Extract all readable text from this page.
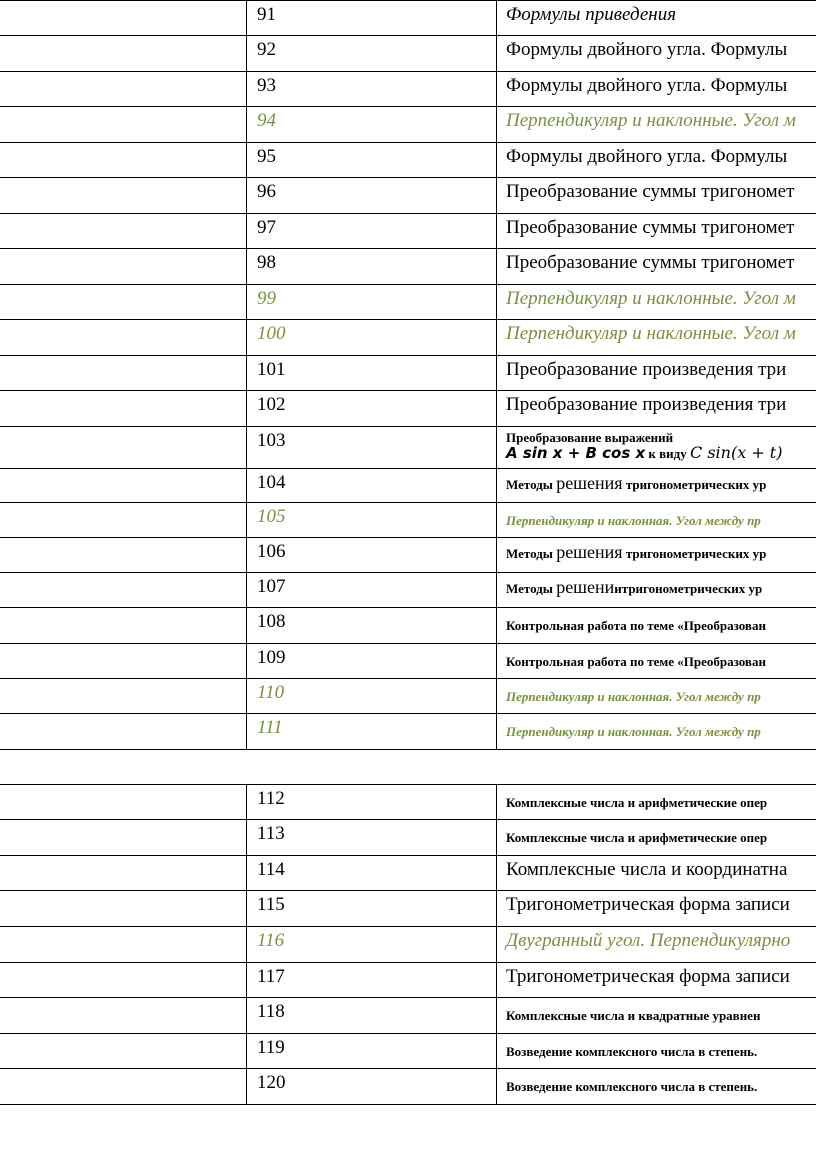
91	Формулы приведения
92	Формулы двойного угла. Формулы
93	Формулы двойного угла. Формулы
94	Перпендикуляр и наклонные. Угол м
95	Формулы двойного угла. Формулы
96	Преобразование суммы тригономет
97	Преобразование суммы тригономет
98	Преобразование суммы тригономет
99	Перпендикуляр и наклонные. Угол м
100	Перпендикуляр и наклонные. Угол м
101	Преобразование произведения три
102	Преобразование произведения три
103	Преобразование выражений
A sin x + B cos x к виду C sin(x + t)
104	Методы решения тригонометрических ур
105	Перпендикуляр и наклонная. Угол между пр
106	Методы решения тригонометрических ур
107	Методы решениитригонометрических ур
108	Контрольная работа по теме «Преобразован
109	Контрольная работа по теме «Преобразован
110	Перпендикуляр и наклонная. Угол между пр
111	Перпендикуляр и наклонная. Угол между пр
112	Комплексные числа и арифметические опер
113	Комплексные числа и арифметические опер
114	Комплексные числа и координатна
115	Тригонометрическая форма записи
116	Двугранный угол. Перпендикулярно
117	Тригонометрическая форма записи
118	Комплексные числа и квадратные уравнен
119	Возведение комплексного числа в степень.
120	Возведение комплексного числа в степень.
